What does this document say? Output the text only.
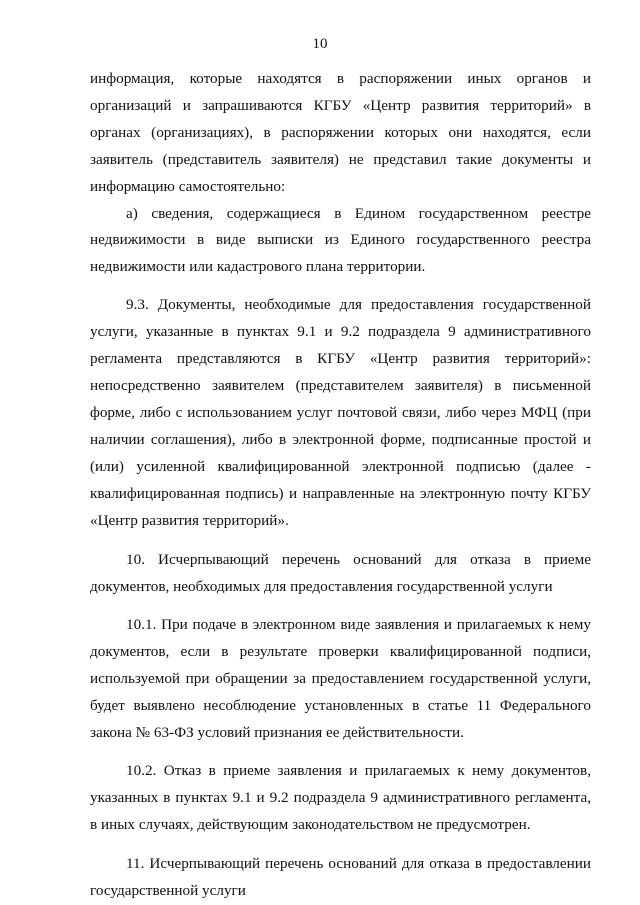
10

информация, которые находятся в распоряжении иных органов и организаций и запрашиваются КГБУ «Центр развития территорий» в органах (организациях), в распоряжении которых они находятся, если заявитель (представитель заявителя) не представил такие документы и информацию самостоятельно:

а) сведения, содержащиеся в Едином государственном реестре недвижимости в виде выписки из Единого государственного реестра недвижимости или кадастрового плана территории.

9.3. Документы, необходимые для предоставления государственной услуги, указанные в пунктах 9.1 и 9.2 подраздела 9 административного регламента представляются в КГБУ «Центр развития территорий»: непосредственно заявителем (представителем заявителя) в письменной форме, либо с использованием услуг почтовой связи, либо через МФЦ (при наличии соглашения), либо в электронной форме, подписанные простой и (или) усиленной квалифицированной электронной подписью (далее - квалифицированная подпись) и направленные на электронную почту КГБУ «Центр развития территорий».

10. Исчерпывающий перечень оснований для отказа в приеме документов, необходимых для предоставления государственной услуги

10.1. При подаче в электронном виде заявления и прилагаемых к нему документов, если в результате проверки квалифицированной подписи, используемой при обращении за предоставлением государственной услуги, будет выявлено несоблюдение установленных в статье 11 Федерального закона № 63-ФЗ условий признания ее действительности.

10.2. Отказ в приеме заявления и прилагаемых к нему документов, указанных в пунктах 9.1 и 9.2 подраздела 9 административного регламента, в иных случаях, действующим законодательством не предусмотрен.

11. Исчерпывающий перечень оснований для отказа в предоставлении государственной услуги
